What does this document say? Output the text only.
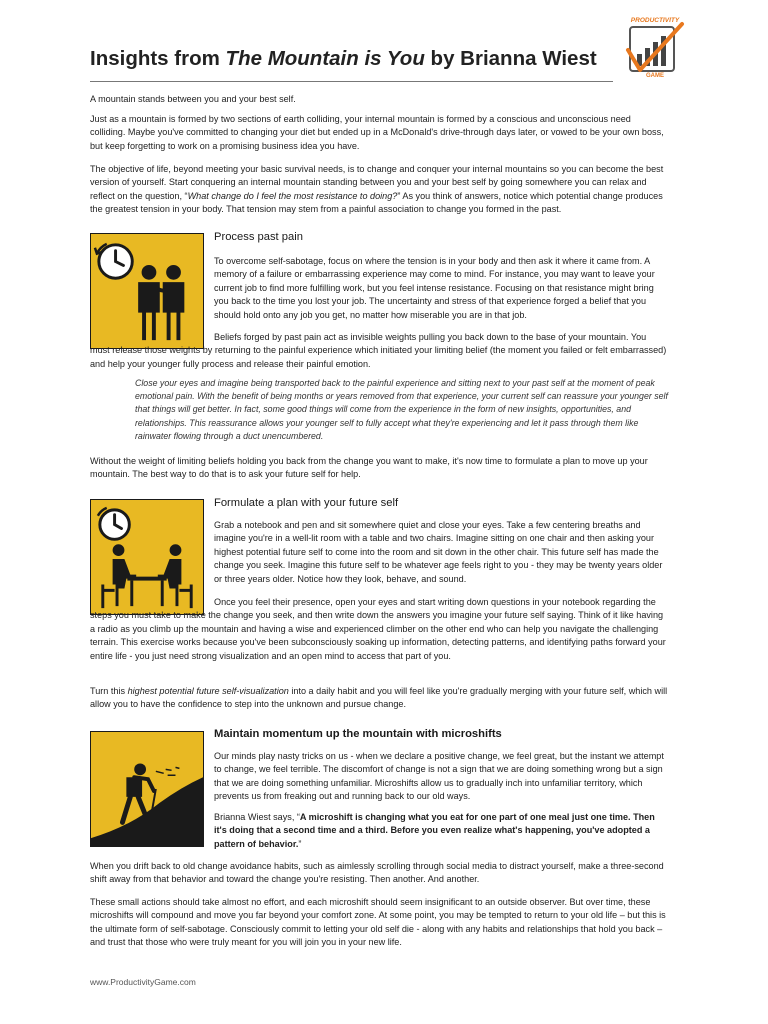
Insights from The Mountain is You by Brianna Wiest
PRODUCTIVITY
GAME

A mountain stands between you and your best self.

Just as a mountain is formed by two sections of earth colliding, your internal mountain is formed by a conscious and unconscious need colliding. Maybe you've committed to changing your diet but ended up in a McDonald's drive-through days later, or vowed to be your own boss, but keep forgetting to work on a promising business idea you have.

The objective of life, beyond meeting your basic survival needs, is to change and conquer your internal mountains so you can become the best version of yourself. Start conquering an internal mountain standing between you and your best self by going somewhere you can relax and reflect on the question, “What change do I feel the most resistance to doing?” As you think of answers, notice which potential change produces the greatest tension in your body. That tension may stem from a painful association to change you formed in the past.

Process past pain

To overcome self-sabotage, focus on where the tension is in your body and then ask it where it came from. A memory of a failure or embarrassing experience may come to mind. For instance, you may want to leave your current job to find more fulfilling work, but you feel intense resistance. Focusing on that resistance might bring you back to the time you lost your job. The uncertainty and stress of that experience forged a belief that you should hold onto any job you get, no matter how miserable you are in that job.

Beliefs forged by past pain act as invisible weights pulling you back down to the base of your mountain. You must release those weights by returning to the painful experience which initiated your limiting belief (the moment you failed or felt embarrassed) and help your younger fully process and release their painful emotion.

Close your eyes and imagine being transported back to the painful experience and sitting next to your past self at the moment of peak emotional pain. With the benefit of being months or years removed from that experience, your current self can reassure your younger self that things will get better. In fact, some good things will come from the experience in the form of new insights, opportunities, and relationships. This reassurance allows your younger self to fully accept what they're experiencing and let it pass through them like rainwater flowing through a duct unencumbered.

Without the weight of limiting beliefs holding you back from the change you want to make, it's now time to formulate a plan to move up your mountain. The best way to do that is to ask your future self for help.

Formulate a plan with your future self

Grab a notebook and pen and sit somewhere quiet and close your eyes. Take a few centering breaths and imagine you're in a well-lit room with a table and two chairs. Imagine sitting on one chair and then asking your highest potential future self to come into the room and sit down in the other chair. This future self has made the change you seek. Imagine this future self to be whatever age feels right to you - they may be twenty years older or three years older. Notice how they look, behave, and sound.

Once you feel their presence, open your eyes and start writing down questions in your notebook regarding the steps you must take to make the change you seek, and then write down the answers you imagine your future self saying. Think of it like having a radio as you climb up the mountain and having a wise and experienced climber on the other end who can help you navigate the challenging terrain. This exercise works because you've been subconsciously soaking up information, detecting patterns, and identifying paths forward your entire life - you just need strong visualization and an open mind to access that part of you.

Turn this highest potential future self-visualization into a daily habit and you will feel like you're gradually merging with your future self, which will allow you to have the confidence to step into the unknown and pursue change.

Maintain momentum up the mountain with microshifts

Our minds play nasty tricks on us - when we declare a positive change, we feel great, but the instant we attempt to change, we feel terrible. The discomfort of change is not a sign that we are doing something wrong but a sign that we are doing something unfamiliar. Microshifts allow us to gradually inch into unfamiliar territory, which prevents us from freaking out and running back to our old ways.

Brianna Wiest says, “A microshift is changing what you eat for one part of one meal just one time. Then it's doing that a second time and a third. Before you even realize what's happening, you've adopted a pattern of behavior.”

When you drift back to old change avoidance habits, such as aimlessly scrolling through social media to distract yourself, make a three-second shift away from that behavior and toward the change you're resisting. Then another. And another.

These small actions should take almost no effort, and each microshift should seem insignificant to an outside observer. But over time, these microshifts will compound and move you far beyond your comfort zone. At some point, you may be tempted to return to your old life – but this is the ultimate form of self-sabotage. Consciously commit to letting your old self die - along with any habits and relationships that hold you back – and trust that those who were truly meant for you will join you in your new life.

www.ProductivityGame.com
